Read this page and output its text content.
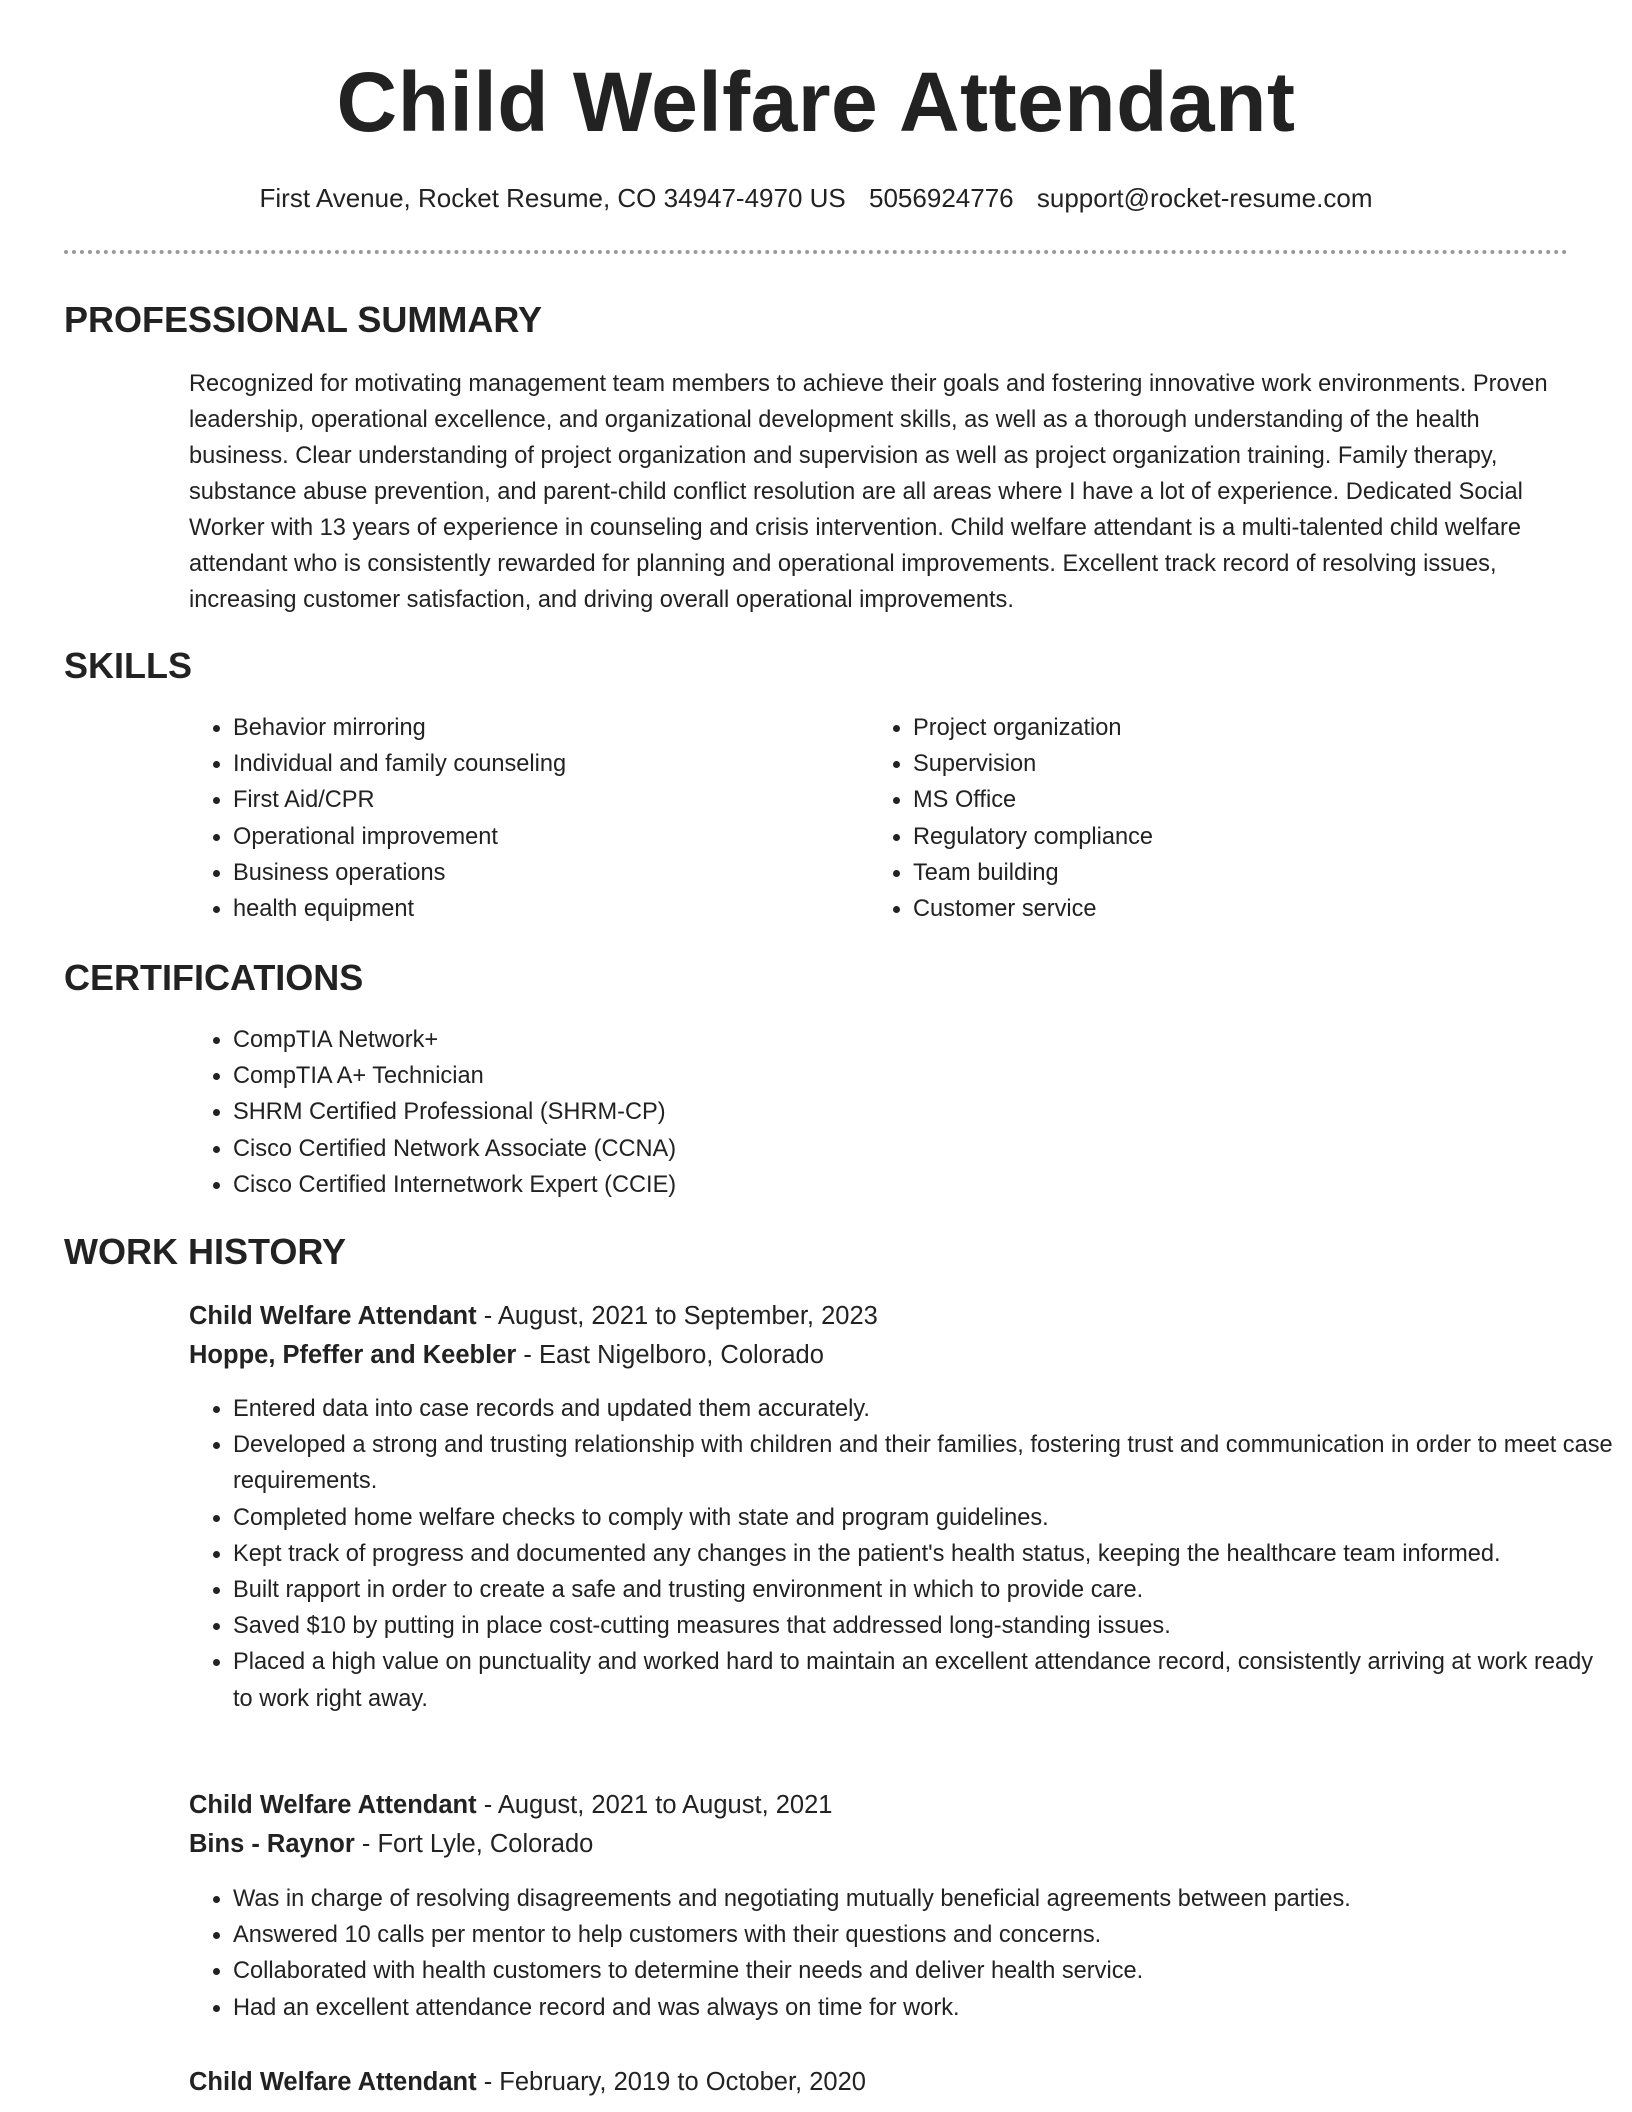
Child Welfare Attendant
First Avenue, Rocket Resume, CO 34947-4970 US 5056924776 support@rocket-resume.com
PROFESSIONAL SUMMARY

Recognized for motivating management team members to achieve their goals and fostering innovative work environments. Proven leadership, operational excellence, and organizational development skills, as well as a thorough understanding of the health business. Clear understanding of project organization and supervision as well as project organization training. Family therapy, substance abuse prevention, and parent-child conflict resolution are all areas where I have a lot of experience. Dedicated Social Worker with 13 years of experience in counseling and crisis intervention. Child welfare attendant is a multi-talented child welfare attendant who is consistently rewarded for planning and operational improvements. Excellent track record of resolving issues, increasing customer satisfaction, and driving overall operational improvements.

SKILLS
• Behavior mirroring
• Individual and family counseling
• First Aid/CPR
• Operational improvement
• Business operations
• health equipment
• Project organization
• Supervision
• MS Office
• Regulatory compliance
• Team building
• Customer service
CERTIFICATIONS
• CompTIA Network+
• CompTIA A+ Technician
• SHRM Certified Professional (SHRM-CP)
• Cisco Certified Network Associate (CCNA)
• Cisco Certified Internetwork Expert (CCIE)
WORK HISTORY
Child Welfare Attendant - August, 2021 to September, 2023
Hoppe, Pfeffer and Keebler - East Nigelboro, Colorado
• Entered data into case records and updated them accurately.
• Developed a strong and trusting relationship with children and their families, fostering trust and communication in order to meet case requirements.
• Completed home welfare checks to comply with state and program guidelines.
• Kept track of progress and documented any changes in the patient's health status, keeping the healthcare team informed.
• Built rapport in order to create a safe and trusting environment in which to provide care.
• Saved $10 by putting in place cost-cutting measures that addressed long-standing issues.
• Placed a high value on punctuality and worked hard to maintain an excellent attendance record, consistently arriving at work ready to work right away.
Child Welfare Attendant - August, 2021 to August, 2021
Bins - Raynor - Fort Lyle, Colorado
• Was in charge of resolving disagreements and negotiating mutually beneficial agreements between parties.
• Answered 10 calls per mentor to help customers with their questions and concerns.
• Collaborated with health customers to determine their needs and deliver health service.
• Had an excellent attendance record and was always on time for work.
Child Welfare Attendant - February, 2019 to October, 2020
